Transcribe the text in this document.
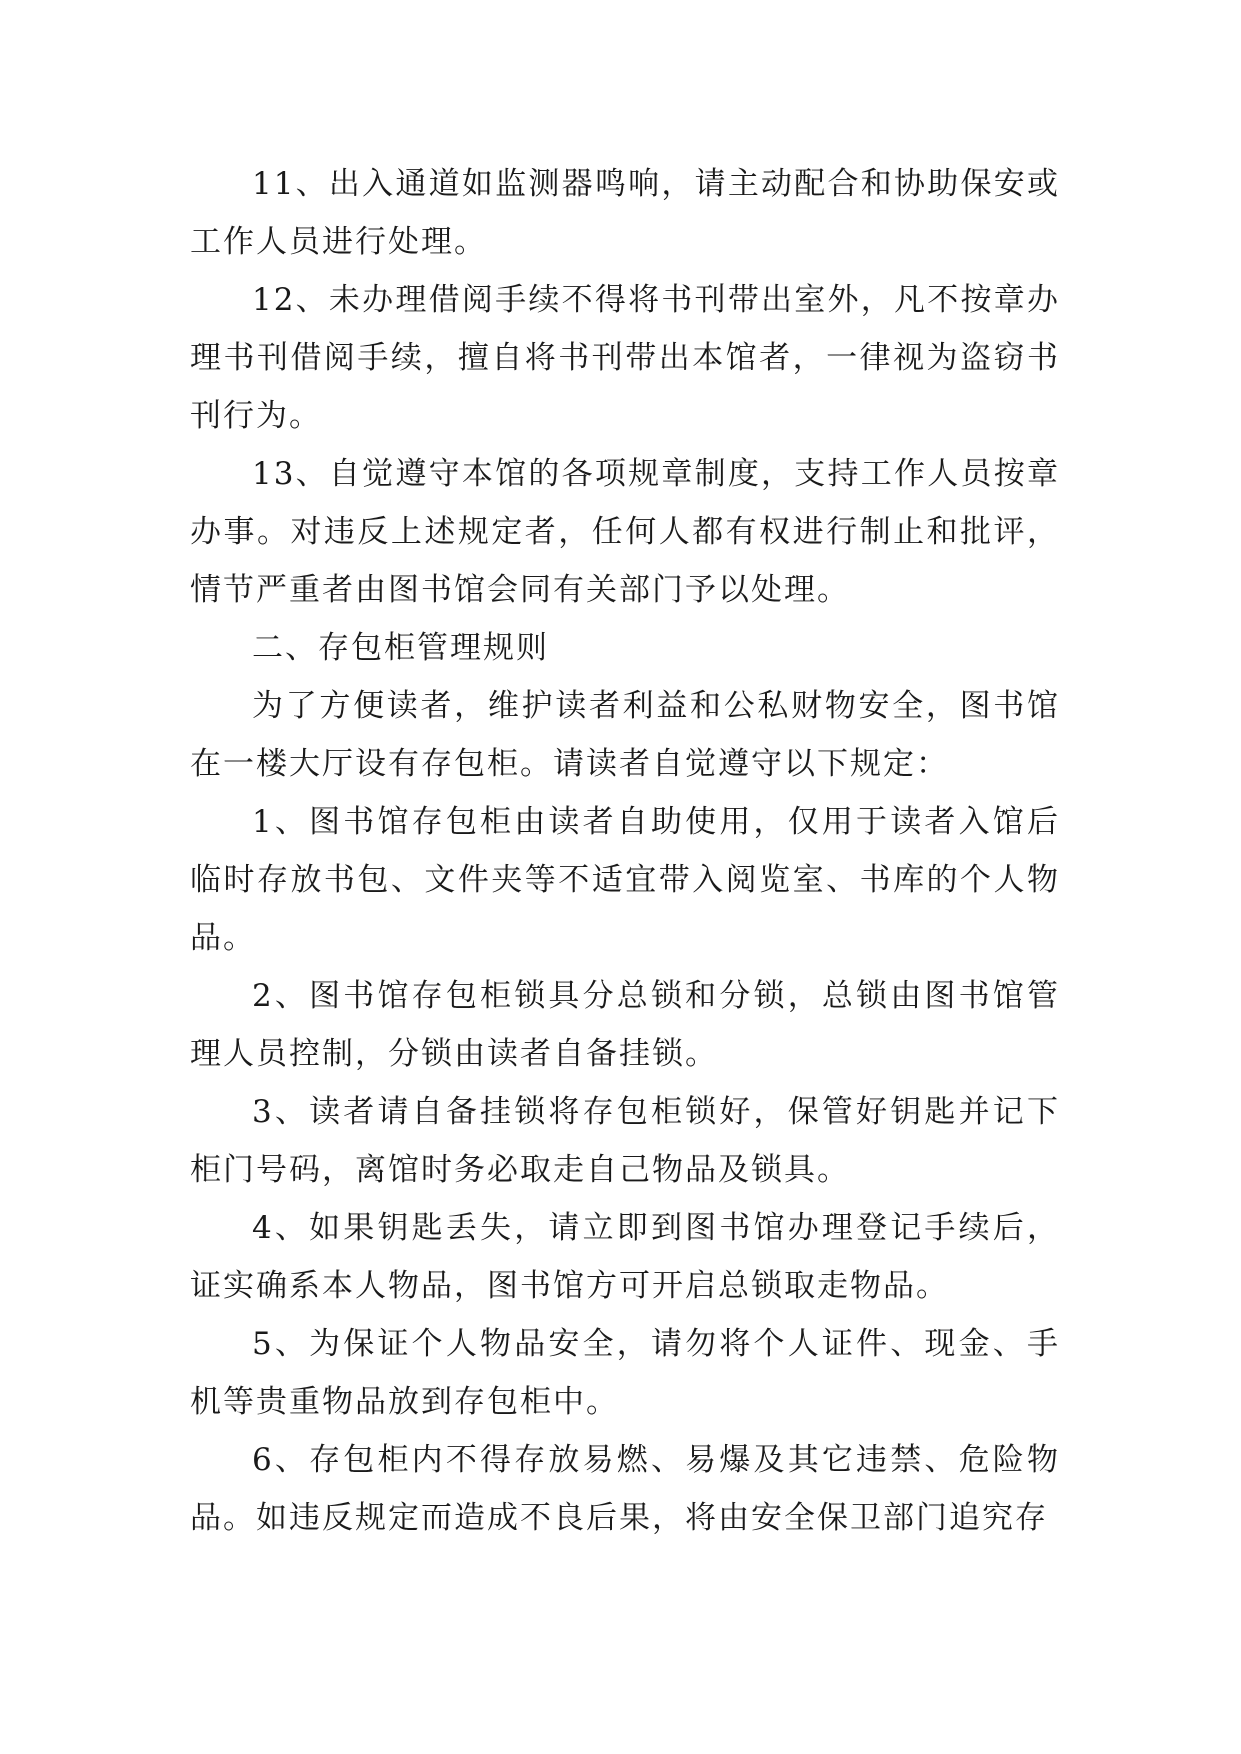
11、出入通道如监测器鸣响，请主动配合和协助保安或工作人员进行处理。

12、未办理借阅手续不得将书刊带出室外，凡不按章办理书刊借阅手续，擅自将书刊带出本馆者，一律视为盗窃书刊行为。

13、自觉遵守本馆的各项规章制度，支持工作人员按章办事。对违反上述规定者，任何人都有权进行制止和批评，情节严重者由图书馆会同有关部门予以处理。

二、存包柜管理规则

为了方便读者，维护读者利益和公私财物安全，图书馆在一楼大厅设有存包柜。请读者自觉遵守以下规定：

1、图书馆存包柜由读者自助使用，仅用于读者入馆后临时存放书包、文件夹等不适宜带入阅览室、书库的个人物品。

2、图书馆存包柜锁具分总锁和分锁，总锁由图书馆管理人员控制，分锁由读者自备挂锁。

3、读者请自备挂锁将存包柜锁好，保管好钥匙并记下柜门号码，离馆时务必取走自己物品及锁具。

4、如果钥匙丢失，请立即到图书馆办理登记手续后，证实确系本人物品，图书馆方可开启总锁取走物品。

5、为保证个人物品安全，请勿将个人证件、现金、手机等贵重物品放到存包柜中。

6、存包柜内不得存放易燃、易爆及其它违禁、危险物品。如违反规定而造成不良后果，将由安全保卫部门追究存
